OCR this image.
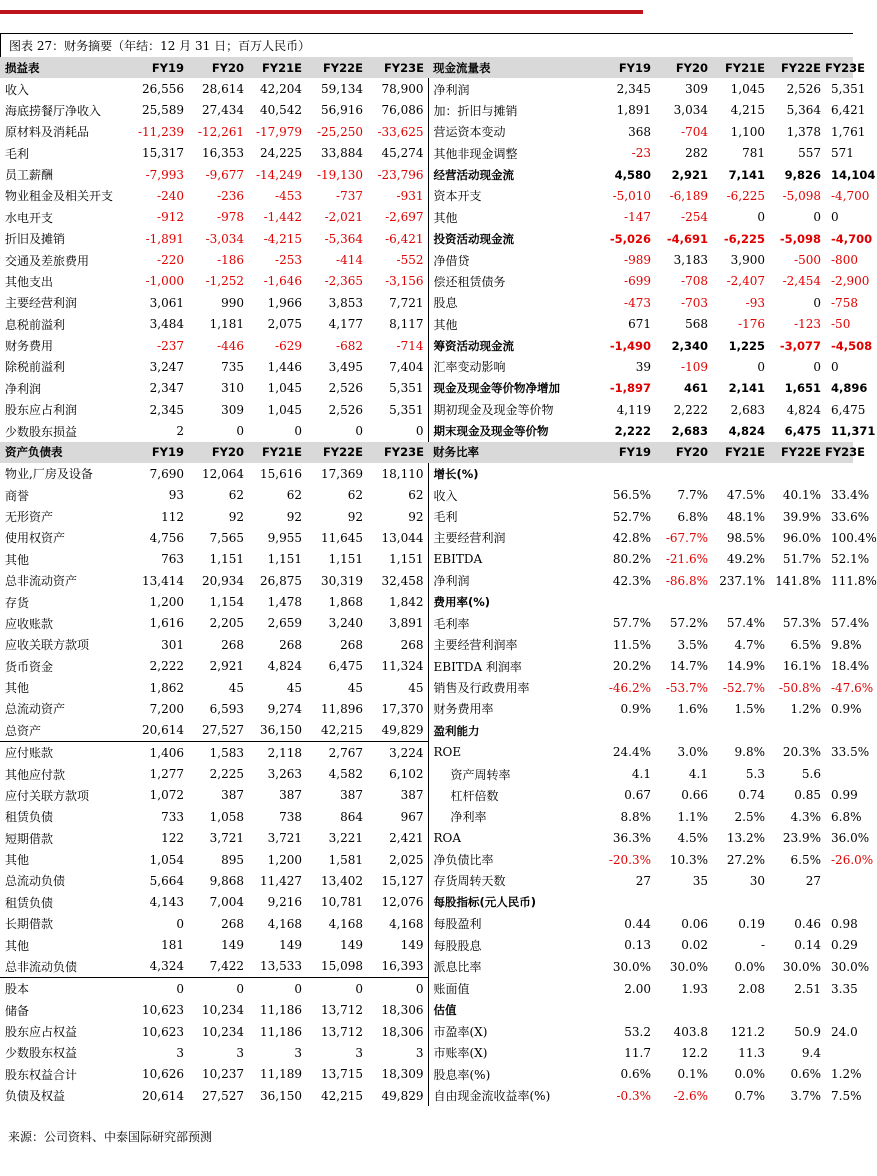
图表 27：财务摘要（年结：12 月 31 日；百万人民币）
损益表	FY19	FY20	FY21E	FY22E	FY23E	现金流量表	FY19	FY20	FY21E	FY22E	FY23E
收入	26,556	28,614	42,204	59,134	78,900	净利润	2,345	309	1,045	2,526	5,351
海底捞餐厅净收入	25,589	27,434	40,542	56,916	76,086	加：折旧与摊销	1,891	3,034	4,215	5,364	6,421
原材料及消耗品	-11,239	-12,261	-17,979	-25,250	-33,625	营运资本变动	368	-704	1,100	1,378	1,761
毛利	15,317	16,353	24,225	33,884	45,274	其他非现金调整	-23	282	781	557	571
员工薪酬	-7,993	-9,677	-14,249	-19,130	-23,796	经营活动现金流	4,580	2,921	7,141	9,826	14,104
物业租金及相关开支	-240	-236	-453	-737	-931	资本开支	-5,010	-6,189	-6,225	-5,098	-4,700
水电开支	-912	-978	-1,442	-2,021	-2,697	其他	-147	-254	0	0	0
折旧及摊销	-1,891	-3,034	-4,215	-5,364	-6,421	投资活动现金流	-5,026	-4,691	-6,225	-5,098	-4,700
交通及差旅费用	-220	-186	-253	-414	-552	净借贷	-989	3,183	3,900	-500	-800
其他支出	-1,000	-1,252	-1,646	-2,365	-3,156	偿还租赁债务	-699	-708	-2,407	-2,454	-2,900
主要经营利润	3,061	990	1,966	3,853	7,721	股息	-473	-703	-93	0	-758
息税前溢利	3,484	1,181	2,075	4,177	8,117	其他	671	568	-176	-123	-50
财务费用	-237	-446	-629	-682	-714	筹资活动现金流	-1,490	2,340	1,225	-3,077	-4,508
除税前溢利	3,247	735	1,446	3,495	7,404	汇率变动影响	39	-109	0	0	0
净利润	2,347	310	1,045	2,526	5,351	现金及现金等价物净增加	-1,897	461	2,141	1,651	4,896
股东应占利润	2,345	309	1,045	2,526	5,351	期初现金及现金等价物	4,119	2,222	2,683	4,824	6,475
少数股东损益	2	0	0	0	0	期末现金及现金等价物	2,222	2,683	4,824	6,475	11,371
资产负债表	FY19	FY20	FY21E	FY22E	FY23E	财务比率	FY19	FY20	FY21E	FY22E	FY23E
物业,厂房及设备	7,690	12,064	15,616	17,369	18,110	增长(%)					
商誉	93	62	62	62	62	收入	56.5%	7.7%	47.5%	40.1%	33.4%
无形资产	112	92	92	92	92	毛利	52.7%	6.8%	48.1%	39.9%	33.6%
使用权资产	4,756	7,565	9,955	11,645	13,044	主要经营利润	42.8%	-67.7%	98.5%	96.0%	100.4%
其他	763	1,151	1,151	1,151	1,151	EBITDA	80.2%	-21.6%	49.2%	51.7%	52.1%
总非流动资产	13,414	20,934	26,875	30,319	32,458	净利润	42.3%	-86.8%	237.1%	141.8%	111.8%
存货	1,200	1,154	1,478	1,868	1,842	费用率(%)					
应收账款	1,616	2,205	2,659	3,240	3,891	毛利率	57.7%	57.2%	57.4%	57.3%	57.4%
应收关联方款项	301	268	268	268	268	主要经营利润率	11.5%	3.5%	4.7%	6.5%	9.8%
货币资金	2,222	2,921	4,824	6,475	11,324	EBITDA 利润率	20.2%	14.7%	14.9%	16.1%	18.4%
其他	1,862	45	45	45	45	销售及行政费用率	-46.2%	-53.7%	-52.7%	-50.8%	-47.6%
总流动资产	7,200	6,593	9,274	11,896	17,370	财务费用率	0.9%	1.6%	1.5%	1.2%	0.9%
总资产	20,614	27,527	36,150	42,215	49,829	盈利能力					
应付账款	1,406	1,583	2,118	2,767	3,224	ROE	24.4%	3.0%	9.8%	20.3%	33.5%
其他应付款	1,277	2,225	3,263	4,582	6,102	资产周转率	4.1	4.1	5.3	5.6	
应付关联方款项	1,072	387	387	387	387	杠杆倍数	0.67	0.66	0.74	0.85	0.99
租赁负债	733	1,058	738	864	967	净利率	8.8%	1.1%	2.5%	4.3%	6.8%
短期借款	122	3,721	3,721	3,221	2,421	ROA	36.3%	4.5%	13.2%	23.9%	36.0%
其他	1,054	895	1,200	1,581	2,025	净负债比率	-20.3%	10.3%	27.2%	6.5%	-26.0%
总流动负债	5,664	9,868	11,427	13,402	15,127	存货周转天数	27	35	30	27	
租赁负债	4,143	7,004	9,216	10,781	12,076	每股指标(元人民币)					
长期借款	0	268	4,168	4,168	4,168	每股盈利	0.44	0.06	0.19	0.46	0.98
其他	181	149	149	149	149	每股股息	0.13	0.02	-	0.14	0.29
总非流动负债	4,324	7,422	13,533	15,098	16,393	派息比率	30.0%	30.0%	0.0%	30.0%	30.0%
股本	0	0	0	0	0	账面值	2.00	1.93	2.08	2.51	3.35
储备	10,623	10,234	11,186	13,712	18,306	估值					
股东应占权益	10,623	10,234	11,186	13,712	18,306	市盈率(X)	53.2	403.8	121.2	50.9	24.0
少数股东权益	3	3	3	3	3	市账率(X)	11.7	12.2	11.3	9.4	
股东权益合计	10,626	10,237	11,189	13,715	18,309	股息率(%)	0.6%	0.1%	0.0%	0.6%	1.2%
负债及权益	20,614	27,527	36,150	42,215	49,829	自由现金流收益率(%)	-0.3%	-2.6%	0.7%	3.7%	7.5%
来源：公司资料、中泰国际研究部预测
